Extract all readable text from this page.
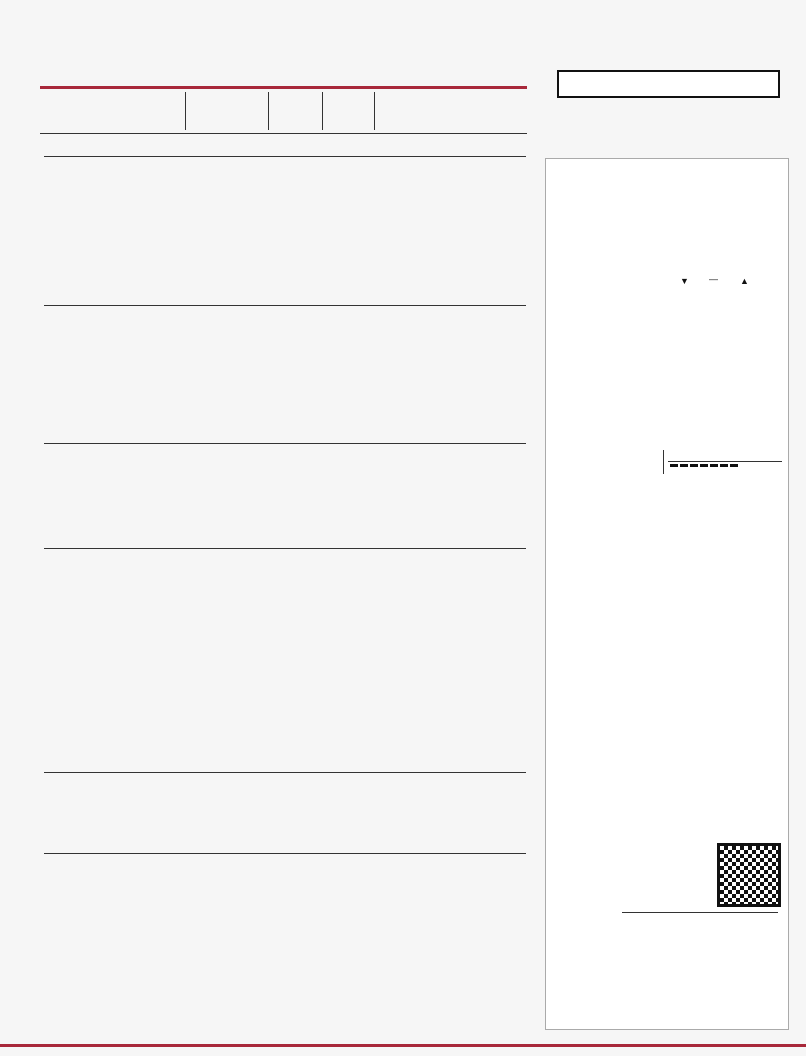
▼ — ▲
